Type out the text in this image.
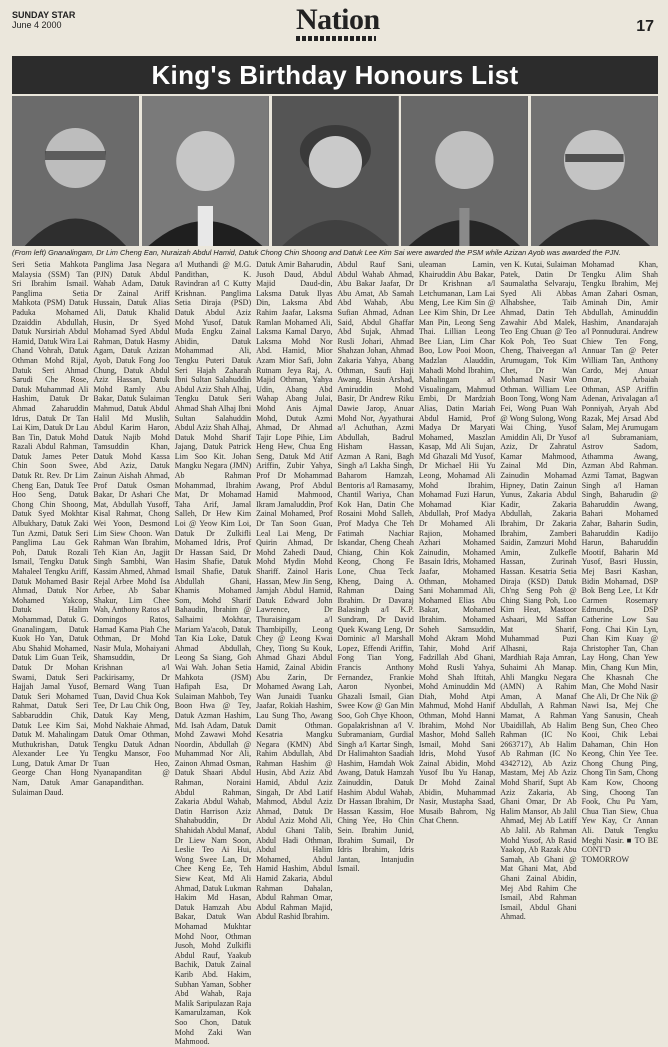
SUNDAY STAR
June 4 2000	Nation	17
King's Birthday Honours List
(From left) Gnanalingam, Dr Lim Cheng Ean, Nuraizah Abdul Hamid, Datuk Chong Chin Shoong and Datuk Lee Kim Sai were awarded the PSM while Azizan Ayob was awarded the PJN.
Seri Setia Mahkota Malaysia (SSM) Tan Sri Ibrahim Ismail. Panglima Setia Mahkota (PSM) Datuk Paduka Mohamed Dzaiddin Abdullah, Datuk Nursiriah Abdul Hamid, Datuk Wira Lai Chand Vohrah, Datuk Othman Mohd Rijal, Datuk Seri Ahmad Sarudi Che Rose, Datuk Muhammad Ali Hashim, Datuk Dr Ahmad Zaharuddin Idrus, Datuk Dr Tan Lai Kim, Datuk Dr Lau Ban Tin, Datuk Mohd Razali Abdul Rahman, Datuk James Peter Chin Soon Swee, Datuk Rt. Rev. Dr Lim Cheng Ean, Datuk Tee Hoo Seng, Datuk Chong Chin Shoong, Datuk Syed Mokhtar Albukhary, Datuk Zaki Tun Azmi, Datuk Seri Panglima Lau Gek Poh, Datuk Rozali Ismail, Tengku Datuk Mahaleel Tengku Ariff, Datuk Mohamed Basir Ahmad, Datuk Nor Mohamed Yakcop, Datuk Halim Mohammad, Datuk G. Gnanalingam, Datuk Kuok Ho Yan, Datuk Abu Shahid Mohamed, Datuk Lim Guan Teik, Datuk Dr Mohan Swami, Datuk Seri Hajjah Jamal Yusof, Datuk Seri Mohamed Rahmat, Datuk Seri Sabbaruddin Chik, Datuk Lee Kim Sai, Datuk M. Mahalingam Muthukrishan, Datuk Alexander Lee Yu Lung, Datuk Amar Dr George Chan Hong Nam, Datuk Amar Sulaiman Daud.
Panglima Jasa Negara (PJN) Datuk Abdul Wahab Adam, Datuk Dr Zainal Ariff Hussain, Datuk Alias Ali, Datuk Khalid Husin, Dr Syed Mohamad Syed Abdul Rahman, Datuk Hasmy Agam, Datuk Azizan Ayob, Datuk Fong Joo Chung, Datuk Abdul Aziz Hassan, Datuk Mohd Ramly Abu Bakar, Datuk Sulaiman Mahmud, Datuk Abdul Halil Md Muslih, Abdul Karim Haron, Datuk Najib Mohd Tamsuddin Khan, Datuk Mohd Kassa Abd Aziz, Datuk Zainun Aishah Ahmad, Prof Datuk Osman Bakar, Dr Ashari Che Mat, Abdullah Yusoff, Kisal Rahmat, Chong Wei Yoon, Desmond Lim Siew Choon. Wan Rahman Wan Ibrahim, Teh Kian An, Jagjit Singh Sambhi, Wan Kassim Ahmed, Ahmad Rejal Arbee Mohd Isa Arbee, Ab Sabar Shakur, Lim Chee Wah, Anthony Ratos a/l Domingos Ratos, Hamad Kama Piah Che Othman, Dr Mohd Nasir Mula, Mohaiyani Shamsuddin, Dr Krishnan a/l Packirisamy, Dr Bernard Wang Tuan Tuan, David Chua Kok Tee, Dr Lau Chik Ong, Datuk Kay Meng, Mohd Nakhaie Ahmad, Datuk Omar Othman, Tengku Datuk Adnan Tengku Mansor, Foo Tuan Heo, Nyanapanditan @ Ganapandithan.
a/l Muthandi @ M.G. Pandithan, K. Ravindran a/l C Kutty Krishnan. Panglima Setia Diraja (PSD) Datuk Abdul Aziz Mohd Yusof, Datuk Muda Engku Zainal Abidin, Datuk Mohammad Ali, Tengku Puteri Datuk Seri Hajah Zaharah Ibni Sultan Salahuddin Abdul Aziz Shah Alhaj, Tengku Datuk Seri Ahmad Shah Alhaj Ibni Sultan Salahuddin Abdul Aziz Shah Alhaj, Datuk Mohd Sharif Jajang, Datuk Patrick Lim Soo Kit. Johan Mangku Negara (JMN) Ab Rahman Mohammad, Ibrahim Mat, Dr Mohamad Taha Arif, Jamal Salleh, Dr Hew Kim Loi @ Yeow Kim Loi, Datuk Dr Zulkifli Mohamed Idris, Prof Dr Hassan Said, Dr Hasim Shafie, Datuk Ismail Shafie, Datuk Abdullah Ghani, Khamis Mohamed Som, Mohd Sharif Bahaudin, Ibrahim @ Salhaimi Mokhtar, Mariam Ya'acob, Datuk Tan Kia Loke, Datuk Ahmad Abdullah, Leong Sa Siang, Goh Wai Wah. Johan Setia Mahkota (JSM) Hafipah Esa, Dr Sulaiman Mahbob, Tey Boon Hwa @ Tey, Datuk Azman Hashim, Md. Isah Adam, Datuk Mohd Zawawi Mohd Noordin, Abdullah @ Muhammad Nor Ali, Zainon Ahmad Osman, Datuk Shaari Abdul Rahman, Noraini Abdul Rahman, Zakaria Abdul Wahab, Datin Harrison Aziz Shahabuddin, Dr Shahidah Abdul Manaf, Dr Liew Nam Soon, Leslie Teo Ai Hui, Wong Swee Lan, Dr Chee Keng Ee, Teh Siew Keat, Md Ali Ahmad, Datuk Lukman Hakim Md Hasan, Datuk Hamzah Abu Bakar, Datuk Wan Mohamad Mukhtar Mohd Noor, Othman Jusoh, Mohd Zulkifli Abdul Rauf, Yaakub Bachik, Datuk Zainal Karib Abd. Hakim, Subhan Yaman, Sobher Abd Wahab, Raja Malik Saripulazan Raja Kamarulzaman, Kok Soo Chon, Datuk Mohd Zaki Wan Mahmood.
Datuk Amir Baharudin, Jusoh Daud, Abdul Majid Daud-din, Laksma Datuk Ilyas Din, Laksma Abd Rahim Jaafar, Laksma Ramlan Mohamed Ali, Laksma Kamal Daryo, Laksma Mohd Nor Abd. Hamid, Mior Azam Mior Safi, John Rutnam Jeya Raj, A. Majid Othman, Yahya Udin, Abang Abd Wahap Abang Julai, Mohd Anis Ajmal Mohd, Dutuk Azmi Ahmad, Dr Ahmad Tajir Lope Pihie, Lim Heng Hew, Chua Eng Seng, Datuk Md Atif Ariffin, Zubir Yahya, Prof Dr Mohammad Awang, Prof Abdul Hamid Mahmood, Ikram Jamaluddin, Prof Zainal Mohamed, Prof Dr Tan Soon Guan, Leal Lai Meng, Dr Quirin Ahmad, Dr Mohd Zahedi Daud, Mohd Mydin Mohd Shariff. Zainol Haris Hassan, Mew Jin Seng, Jamjah Abdul Hamid, Datuk Edward John Lawrence, Dr Thuraisingam a/l Thambipilly, Leong Chey @ Leong Kwai Chey, Tiong Su Kouk, Ahmad Ghazi Abdul Hamid, Zainal Abidin Abu Zarin, Dr Mohamed Awang Lah, Wan Junaidi Tuanku Jaafar, Rokiah Hashim, Lau Sung Tho, Awang Damit Othman. Kesatria Mangku Negara (KMN) Abd Rahim Abdullah, Abd Rahman Hashim @ Husin, Abd Aziz Abd Hamid, Abdul Aziz Singah, Dr Abd Latif Mahmod, Abdul Aziz Ahmad, Datuk Dr Abdul Aziz Mohd Ali, Abdul Ghani Talib, Abdul Hadi Othman, Abdul Halim Mohamed, Abdul Hamid Hashim, Abdul Hamid Zakaria, Abdul Rahman Dahalan, Abdul Rahman Omar, Abdul Rahman Majid, Abdul Rashid Ibrahim.
Abdul Rauf Sani, Abdul Wahab Ahmad, Abu Bakar Jaafar, Dr Abu Amat, Ab Samah Abd Wahab, Abu Sufian Ahmad, Adnan Said, Abdul Ghaffar Abd Sujak, Ahmad Rusli Johari, Ahmad Shahzan Johan, Ahmad Zakaria Yahya, Abang Othman, Saufi Haji Awang. Husin Arshad, Amiruddin Mohd Basir, Dr Andrew Riku Dawie Jarop, Anuar Mohd Nor, Ayyathurai a/l Achuthan, Azmi Abdullah, Badrul Hisham Hassan, Azman A Rani, Bagh Singh a/l Lakha Singh, Baharom Hamzah, Bentoris a/l Ramasamy, Chantil Wariya, Chan Kok Han, Datin Che Rosaini Mohd Salleh, Prof Madya Che Teh Fatimah Nachiar Iskandar, Cheng Cheah Chiang, Chin Kok Keong, Chong Fe Lone, Chua Teck Kheng, Daing A. Rahman Daing Ibrahim. Dr Davaraj Balasingh a/l K.P. Sundram, Dr David Quek Kwang Leng, Dr Dominic a/l Marshall Lopez, Effendi Ariffin, Fong Tian Yong, Francis Anthony Fernandez, Frankie Aaron Nyonbei, Ghazali Ismail, Gian Swee Kow @ Gan Min Soo, Goh Chye Khoon, Gopalakrishnan a/l V. Subramaniam, Gurdial Singh a/l Kartar Singh, Dr Halimahton Saadiah Hashim, Hamdah Wok Awang, Datuk Hamzah Zainuddin, Datuk Hashim Abdul Wahab, Dr Hassan Ibrahim, Dr Hassan Kassim, Hoe Ching Yee, Ho Chin Sein. Ibrahim Junid, Ibrahim Sumail, Dr Idris Ibrahim, Idris Jantan, Intanjudin Ismail.
uleaman Lamin, Khairuddin Abu Bakar, Dr Krishnan a/l Letchumanan, Lam Lai Meng, Lee Kim Sin @ Lee Kim Shin, Dr Lee Man Pin, Leong Seng Thai. Lillian Leong Bee Lian, Lim Char Boo, Low Pooi Moon, Madzlan Alauddin, Mahadi Mohd Ibrahim, Mahalingam a/l Visualingam, Mahmud Embi, Dr Mardziah Alias, Datin Mariah Abdul Hamid, Prof Madya Dr Maryati Mohamed, Maszlan Kasap, Md Ali Sujan, Md Ghazali Md Yusof, Dr Michael Hii Yu Leong, Mohamad Ali Mohd Ibrahim, Mohamad Fuzi Harun, Mohamad Kiar Abdullah, Prof Madya Dr Mohamed Ali Rajion, Mohamed Azhari Mohamed Zainudin, Mohamed Basain Idris, Mohamed Jaafar, Mohamed Othman, Mohamed Sani Mohammad Ali, Mohamed Elias Abu Bakar, Mohamed Ibrahim. Mohamed Soheh Samsuddin, Mohd Akram Mohd Tahir, Mohd Arif Fadzillah Abd Ghani, Mohd Rusli Yahya, Mohd Shah Iftitah, Mohd Aminuddin Md Diah, Mohd Atpi Mahmud, Mohd Hanif Othman, Mohd Hanni Ibrahim, Mohd Nor Mashor, Mohd Salleh Ismail, Mohd Sani Idris, Mohd Yusof Zainal Abidin, Mohd Yusof Ibu Yu Hanap, Dr Mohd Zainal Abidin, Muhammad Nasir, Mustapha Saad, Musaib Bahrom, Ng Chat Chenn.
ven K. Kutai, Sulaiman Patek, Datin Dr Saumalatha Selvaraju, Syed Ali Abbas Alhabshee, Taib Ahmad, Datin Teh Zawahir Abd Malek, Teo Eng Chuan @ Teo Kok Poh, Teo Suat Cheng, Thaiveegan a/l Arumugam, Tok Kim Chet, Dr Wan Mohamad Nasir Wan Othman. William Lee Boon Tong, Wong Nam Fei, Wong Puan Wah @ Wong Sulong, Wong Wai Ching, Yusof Amiddin Ali, Dr Yusof Aziz, Dr Zahratul Kamar Mahmood, Zainal Md Din, Zainudin Mohamad Hipney, Datin Zainun Yunus, Zakaria Abdul Kadir, Zakaria Abdullah, Zakaria Ibrahim, Dr Zakaria Ibrahim, Zamberi Saidin, Zamzuri Mohd Amin, Zulkefle Hassan, Zurinah Hassan. Kesatria Setia Diraja (KSD) Datuk Ch'ng Seng Poh @ Ching Siang Poh, Loo Kim Heat, Mastoor Ashaari, Md Saffan Mat Sharif, Muhammad Puzi Alhasni, Raja Mardhiah Raja Amran, Suhaimi Ah Manap. Ahli Mangku Negara (AMN) A Rahim Aman, A Manaf Abdullah, A Rahman Mamat, A Rahman Ubaidillah, Ab Halim Rahman (IC No 2663717), Ab Halim Ab Rahman (IC No 4342712), Ab Aziz Mastam, Mej Ab Aziz Mohd Sharif, Supt Ab Aziz Zakaria, Ab Ghani Omar, Dr Ab Halim Mansor, Ab Jalil Ahmad, Mej Ab Latiff Ab Jalil. Ab Rahman Mohd Yusof, Ab Rasid Yaakop, Ab Razak Abu Samah, Ab Ghani @ Mat Ghani Mat, Abd Ghani Zainal Abidin, Mej Abd Rahim Che Ismail, Abd Rahman Ismail, Abdul Ghani Ahmad.
Mohamad Khan, Tengku Alim Shah Tengku Ibrahim, Mej Aman Zahari Osman, Aminah Din, Amir Abdullah, Aminuddin Hashim, Anandarajah a/l Ponnudurai. Andrew Chiew Ten Fong, Annuar Tan @ Peter William Tan, Anthony Cardo, Mej Anuar Omar, Arbaiah Othman, ASP Ariffin Adenan, Arivalagan a/l Ponniyah, Aryah Abd Razak, Mej Arsad Abd Salam, Mej Arumugam a/l Subramaniam, Astrov Sadom, Athamma Awang, Azman Abd Rahman. Azmi Tamat, Bagwan Singh a/l Haman Singh, Baharudin @ Baharuddin Awang, Bahari Mohamed Zahar, Baharin Sudin, Baharuddin Kadijo Harun, Baharuddin Mootif, Baharin Md Yusof, Basri Hussin, Mej Basri Kashan, Bidin Mohamad, DSP Bok Beng Lee, Lt Kdr Carmen Rosemary Edmunds, DSP Catherine Low Sau Fong. Chai Kin Lyn, Chan Kim Kuay @ Christopher Tan, Chan Lay Hong, Chan Yew Min, Chang Kun Min, Che Khasnah Che Man, Che Mohd Nasir Che Ali, Dr Che Nik @ Nawi Isa, Mej Che Yang Sanusin, Cheah Beng Sun, Cheo Cheo Kooi, Chik Lebai Dahaman, Chin Hon Keong, Chin Yee Tee. Chong Chung Ping, Chong Tin Sam, Chong Kam Kow, Choong Sing, Choong Tan Fook, Chu Pu Yam, Chua Tian Siew, Chua Yew Kay, Cr Annan Ali. Datuk Tengku Meghi Nasir. ■ TO BE CONT'D TOMORROW
